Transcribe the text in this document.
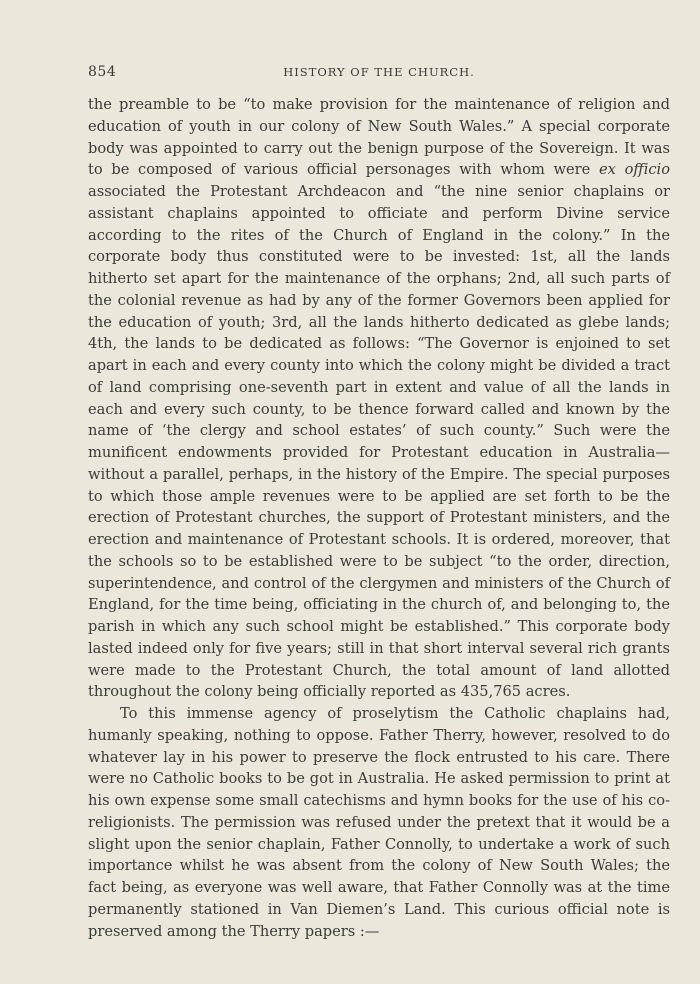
854	HISTORY OF THE CHURCH.

the preamble to be “to make provision for the maintenance of religion and education of youth in our colony of New South Wales.” A special corporate body was appointed to carry out the benign purpose of the Sovereign. It was to be composed of various official personages with whom were ex officio associated the Protestant Archdeacon and “the nine senior chaplains or assistant chaplains appointed to officiate and perform Divine service according to the rites of the Church of England in the colony.” In the corporate body thus constituted were to be invested: 1st, all the lands hitherto set apart for the maintenance of the orphans; 2nd, all such parts of the colonial revenue as had by any of the former Governors been applied for the education of youth; 3rd, all the lands hitherto dedicated as glebe lands; 4th, the lands to be dedicated as follows: “The Governor is enjoined to set apart in each and every county into which the colony might be divided a tract of land comprising one-seventh part in extent and value of all the lands in each and every such county, to be thence forward called and known by the name of ‘the clergy and school estates’ of such county.” Such were the munificent endowments provided for Protestant education in Australia—without a parallel, perhaps, in the history of the Empire. The special purposes to which those ample revenues were to be applied are set forth to be the erection of Protestant churches, the support of Protestant ministers, and the erection and maintenance of Protestant schools. It is ordered, moreover, that the schools so to be established were to be subject “to the order, direction, superintendence, and control of the clergymen and ministers of the Church of England, for the time being, officiating in the church of, and belonging to, the parish in which any such school might be established.” This corporate body lasted indeed only for five years; still in that short interval several rich grants were made to the Protestant Church, the total amount of land allotted throughout the colony being officially reported as 435,765 acres.

To this immense agency of proselytism the Catholic chaplains had, humanly speaking, nothing to oppose. Father Therry, however, resolved to do whatever lay in his power to preserve the flock entrusted to his care. There were no Catholic books to be got in Australia. He asked permission to print at his own expense some small catechisms and hymn books for the use of his co-religionists. The permission was refused under the pretext that it would be a slight upon the senior chaplain, Father Connolly, to undertake a work of such importance whilst he was absent from the colony of New South Wales; the fact being, as everyone was well aware, that Father Connolly was at the time permanently stationed in Van Diemen’s Land. This curious official note is preserved among the Therry papers :—
